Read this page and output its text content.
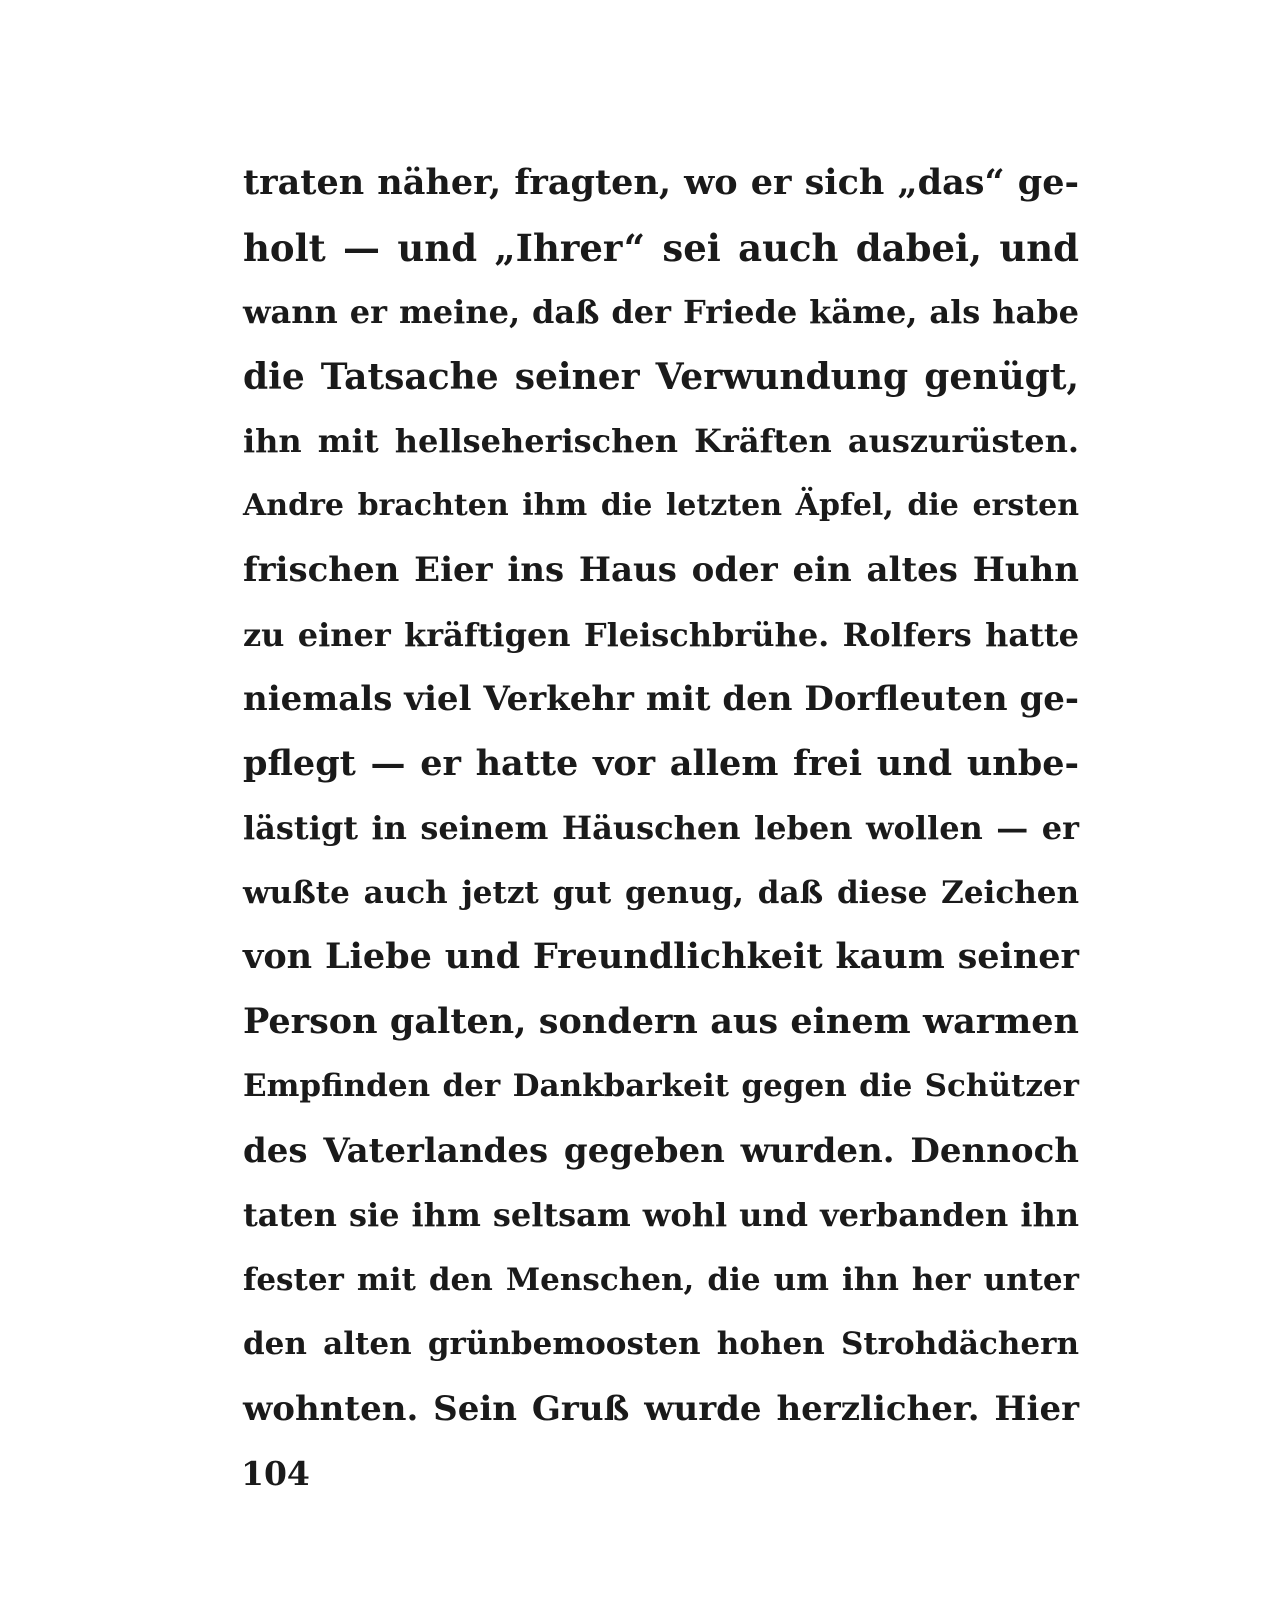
traten näher, fragten, wo er sich „das“ ge-
holt — und „Ihrer“ sei auch dabei, und
wann er meine, daß der Friede käme, als habe
die Tatsache seiner Verwundung genügt,
ihn mit hellseherischen Kräften auszurüsten.
Andre brachten ihm die letzten Äpfel, die ersten
frischen Eier ins Haus oder ein altes Huhn
zu einer kräftigen Fleischbrühe. Rolfers hatte
niemals viel Verkehr mit den Dorfleuten ge-
pflegt — er hatte vor allem frei und unbe-
lästigt in seinem Häuschen leben wollen — er
wußte auch jetzt gut genug, daß diese Zeichen
von Liebe und Freundlichkeit kaum seiner
Person galten, sondern aus einem warmen
Empfinden der Dankbarkeit gegen die Schützer
des Vaterlandes gegeben wurden. Dennoch
taten sie ihm seltsam wohl und verbanden ihn
fester mit den Menschen, die um ihn her unter
den alten grünbemoosten hohen Strohdächern
wohnten. Sein Gruß wurde herzlicher. Hier
104
